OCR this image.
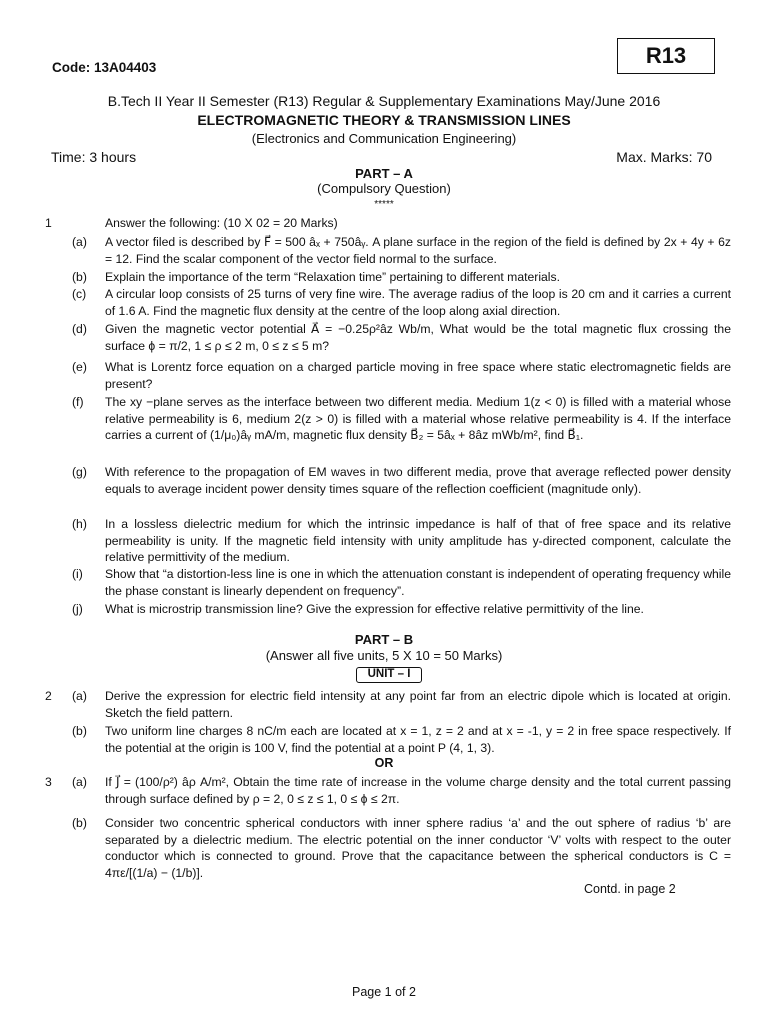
Code: 13A04403	R13
B.Tech II Year II Semester (R13) Regular & Supplementary Examinations May/June 2016
ELECTROMAGNETIC THEORY & TRANSMISSION LINES
(Electronics and Communication Engineering)
Time: 3 hours	Max. Marks: 70
PART – A
(Compulsory Question)
*****
1	Answer the following: (10 X 02 = 20 Marks)
(a) A vector filed is described by F⃗ = 500 âₓ + 750âᵧ. A plane surface in the region of the field is defined by 2x + 4y + 6z = 12. Find the scalar component of the vector field normal to the surface.
(b) Explain the importance of the term “Relaxation time” pertaining to different materials.
(c) A circular loop consists of 25 turns of very fine wire. The average radius of the loop is 20 cm and it carries a current of 1.6 A. Find the magnetic flux density at the centre of the loop along axial direction.
(d) Given the magnetic vector potential A⃗ = −0.25ρ²âz Wb/m, What would be the total magnetic flux crossing the surface ϕ = π/2, 1 ≤ ρ ≤ 2 m, 0 ≤ z ≤ 5 m?
(e) What is Lorentz force equation on a charged particle moving in free space where static electromagnetic fields are present?
(f) The xy −plane serves as the interface between two different media. Medium 1(z < 0) is filled with a material whose relative permeability is 6, medium 2(z > 0) is filled with a material whose relative permeability is 4. If the interface carries a current of (1/μ₀)âᵧ mA/m, magnetic flux density B⃗₂ = 5âₓ + 8âz mWb/m², find B⃗₁.
(g) With reference to the propagation of EM waves in two different media, prove that average reflected power density equals to average incident power density times square of the reflection coefficient (magnitude only).
(h) In a lossless dielectric medium for which the intrinsic impedance is half of that of free space and its relative permeability is unity. If the magnetic field intensity with unity amplitude has y-directed component, calculate the relative permittivity of the medium.
(i) Show that “a distortion-less line is one in which the attenuation constant is independent of operating frequency while the phase constant is linearly dependent on frequency”.
(j) What is microstrip transmission line? Give the expression for effective relative permittivity of the line.
PART – B
(Answer all five units, 5 X 10 = 50 Marks)
UNIT – I
2 (a) Derive the expression for electric field intensity at any point far from an electric dipole which is located at origin. Sketch the field pattern.
(b) Two uniform line charges 8 nC/m each are located at x = 1, z = 2 and at x = -1, y = 2 in free space respectively. If the potential at the origin is 100 V, find the potential at a point P (4, 1, 3).
OR
3 (a) If J⃗ = (100/ρ²) âρ A/m², Obtain the time rate of increase in the volume charge density and the total current passing through surface defined by ρ = 2, 0 ≤ z ≤ 1, 0 ≤ ϕ ≤ 2π.
(b) Consider two concentric spherical conductors with inner sphere radius ‘a’ and the out sphere of radius ‘b’ are separated by a dielectric medium. The electric potential on the inner conductor ‘V’ volts with respect to the outer conductor which is connected to ground. Prove that the capacitance between the spherical conductors is C = 4πε/[(1/a) − (1/b)].
Contd. in page 2
Page 1 of 2
